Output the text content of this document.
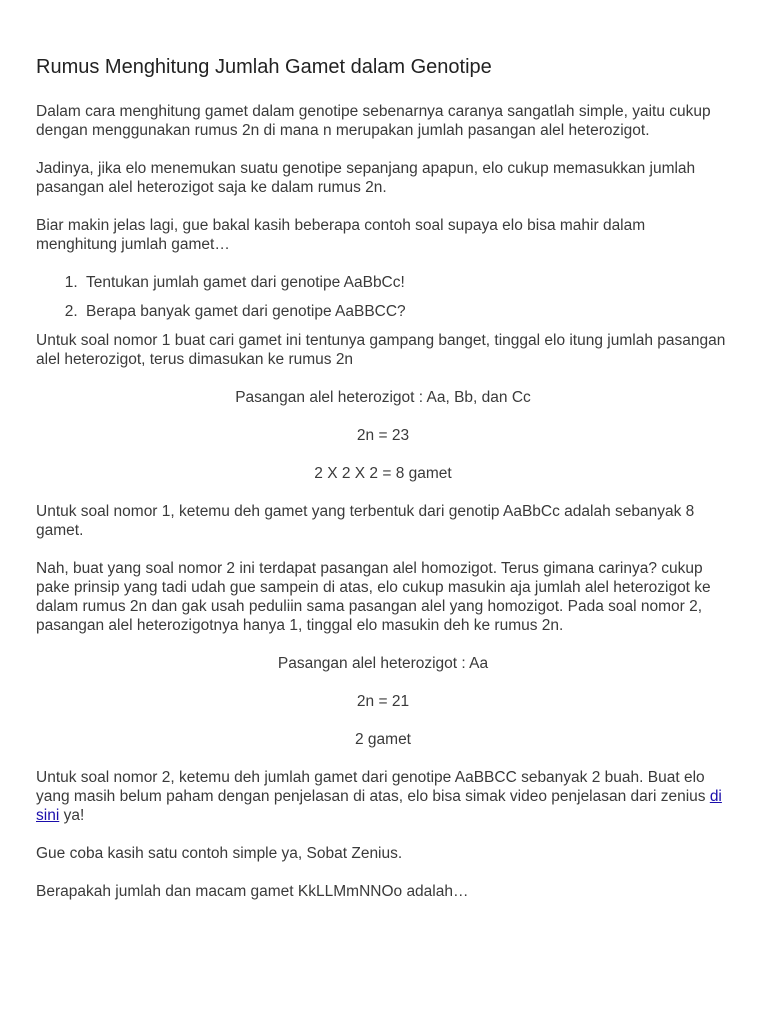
Rumus Menghitung Jumlah Gamet dalam Genotipe

Dalam cara menghitung gamet dalam genotipe sebenarnya caranya sangatlah simple, yaitu cukup dengan menggunakan rumus 2n di mana n merupakan jumlah pasangan alel heterozigot.

Jadinya, jika elo menemukan suatu genotipe sepanjang apapun, elo cukup memasukkan jumlah pasangan alel heterozigot saja ke dalam rumus 2n.

Biar makin jelas lagi, gue bakal kasih beberapa contoh soal supaya elo bisa mahir dalam menghitung jumlah gamet…

1. Tentukan jumlah gamet dari genotipe AaBbCc!
2. Berapa banyak gamet dari genotipe AaBBCC?

Untuk soal nomor 1 buat cari gamet ini tentunya gampang banget, tinggal elo itung jumlah pasangan alel heterozigot, terus dimasukan ke rumus 2n

Pasangan alel heterozigot : Aa, Bb, dan Cc

2n = 23

2 X 2 X 2 = 8 gamet

Untuk soal nomor 1, ketemu deh gamet yang terbentuk dari genotip AaBbCc adalah sebanyak 8 gamet.

Nah, buat yang soal nomor 2 ini terdapat pasangan alel homozigot. Terus gimana carinya? cukup pake prinsip yang tadi udah gue sampein di atas, elo cukup masukin aja jumlah alel heterozigot ke dalam rumus 2n dan gak usah peduliin sama pasangan alel yang homozigot. Pada soal nomor 2, pasangan alel heterozigotnya hanya 1, tinggal elo masukin deh ke rumus 2n.

Pasangan alel heterozigot : Aa

2n = 21

2 gamet

Untuk soal nomor 2, ketemu deh jumlah gamet dari genotipe AaBBCC sebanyak 2 buah. Buat elo yang masih belum paham dengan penjelasan di atas, elo bisa simak video penjelasan dari zenius di sini ya!

Gue coba kasih satu contoh simple ya, Sobat Zenius.

Berapakah jumlah dan macam gamet KkLLMmNNOo adalah…
